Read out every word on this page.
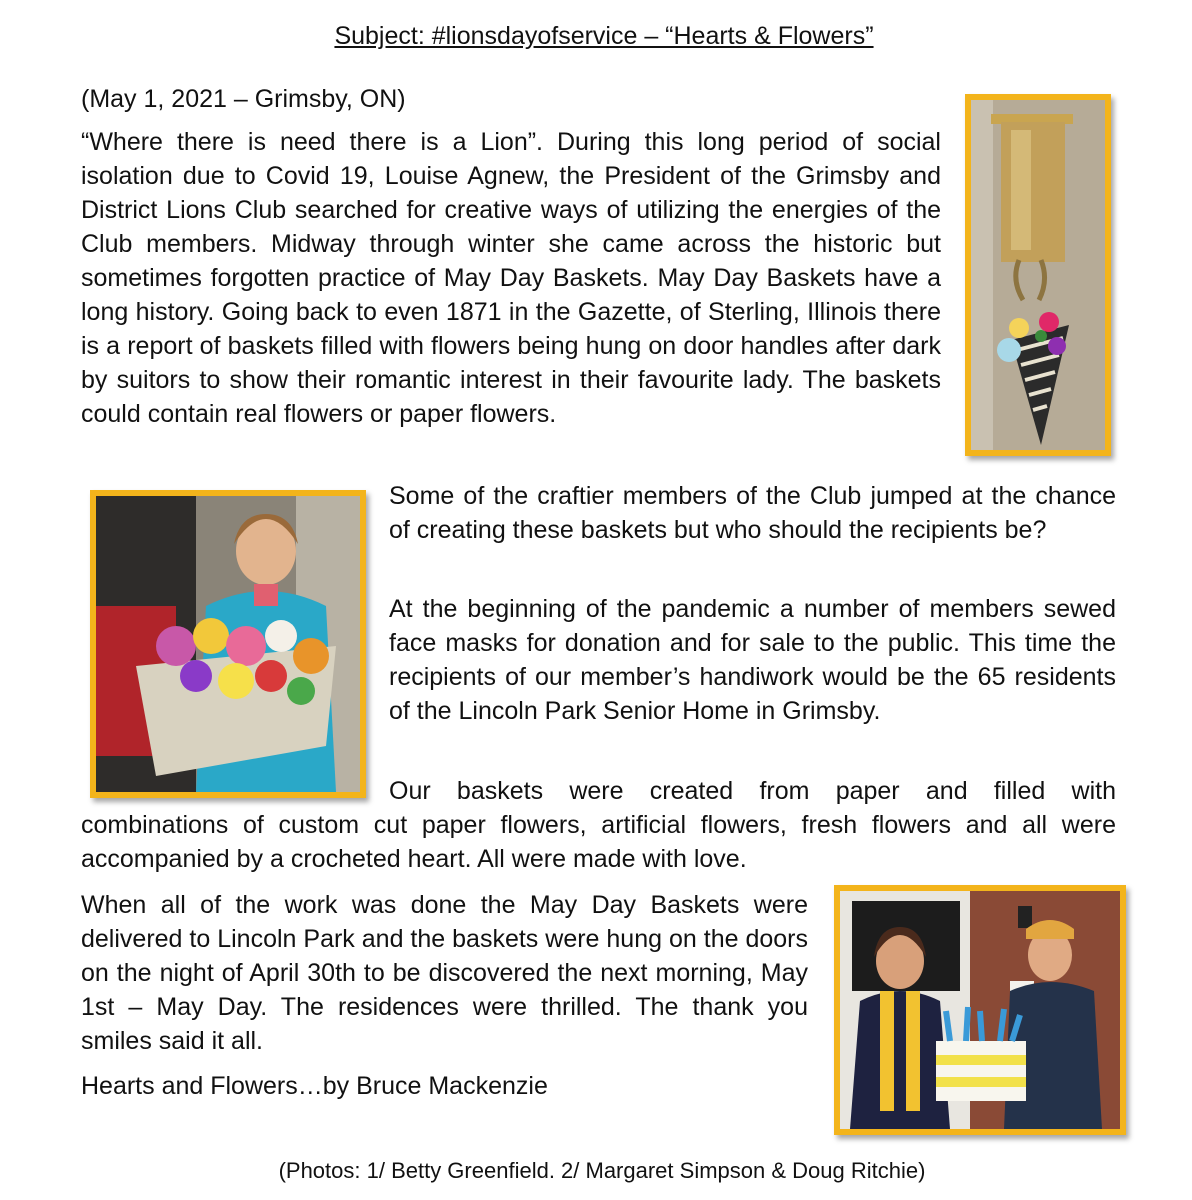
Subject: #lionsdayofservice – “Hearts & Flowers”

(May 1, 2021 – Grimsby, ON)

“Where there is need there is a Lion”. During this long period of social isolation due to Covid 19, Louise Agnew, the President of the Grimsby and District Lions Club searched for creative ways of utilizing the energies of the Club members. Midway through winter she came across the historic but sometimes forgotten practice of May Day Baskets. May Day Baskets have a long history. Going back to even 1871 in the Gazette, of Sterling, Illinois there is a report of baskets filled with flowers being hung on door handles after dark by suitors to show their romantic interest in their favourite lady. The baskets could contain real flowers or paper flowers.

Some of the craftier members of the Club jumped at the chance of creating these baskets but who should the recipients be?

At the beginning of the pandemic a number of members sewed face masks for donation and for sale to the public. This time the recipients of our member’s handiwork would be the 65 residents of the Lincoln Park Senior Home in Grimsby.

Our baskets were created from paper and filled with

combinations of custom cut paper flowers, artificial flowers, fresh flowers and all were accompanied by a crocheted heart. All were made with love.

When all of the work was done the May Day Baskets were delivered to Lincoln Park and the baskets were hung on the doors on the night of April 30th to be discovered the next morning, May 1st – May Day. The residences were thrilled. The thank you smiles said it all.

Hearts and Flowers…by Bruce Mackenzie

(Photos: 1/ Betty Greenfield. 2/ Margaret Simpson & Doug Ritchie)
